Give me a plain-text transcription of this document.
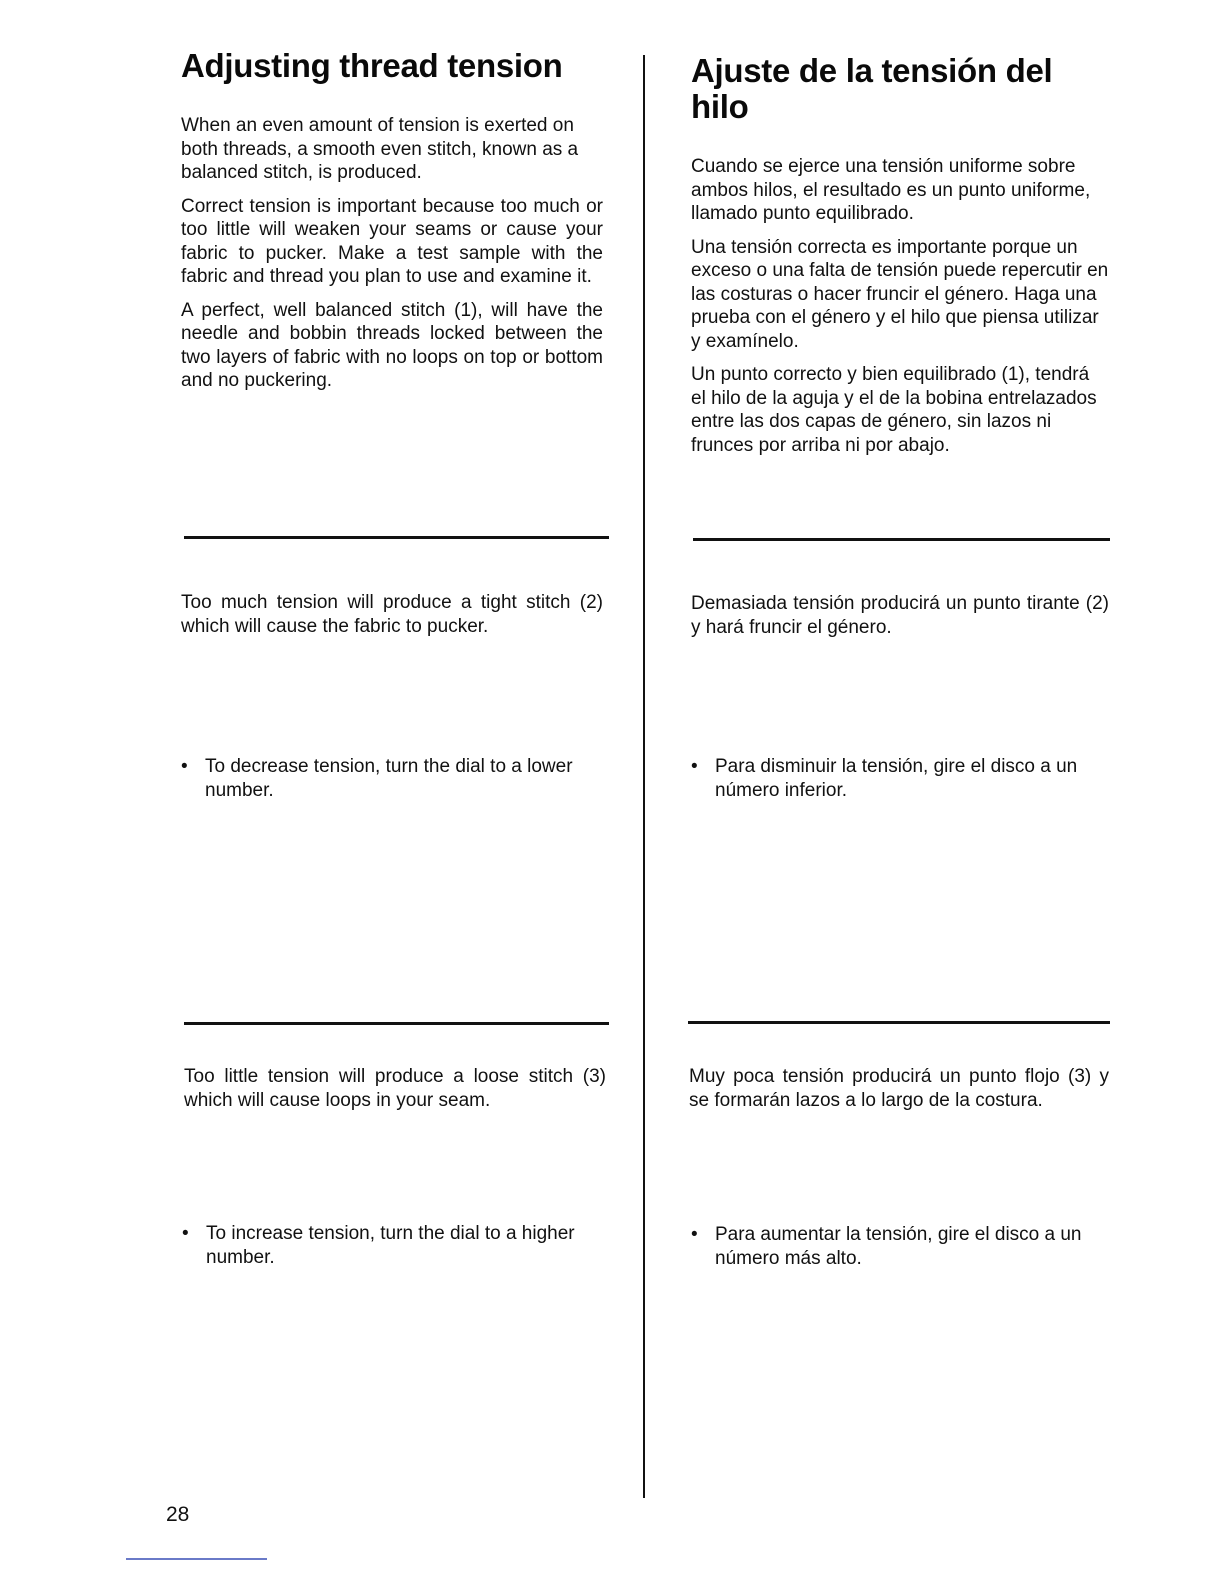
Adjusting thread tension

When an even amount of tension is exerted on both threads, a smooth even stitch, known as a balanced stitch, is produced.

Correct tension is important because too much or too little will weaken your seams or cause your fabric to pucker. Make a test sample with the fabric and thread you plan to use and examine it.

A perfect, well balanced stitch (1), will have the needle and bobbin threads locked between the two layers of fabric with no loops on top or bottom and no puckering.

Too much tension will produce a tight stitch (2) which will cause the fabric to pucker.

• To decrease tension, turn the dial to a lower number.

Too little tension will produce a loose stitch (3) which will cause loops in your seam.

• To increase tension, turn the dial to a higher number.
Ajuste de la tensión del hilo

Cuando se ejerce una tensión uniforme sobre ambos hilos, el resultado es un punto uniforme, llamado punto equilibrado.

Una tensión correcta es importante porque un exceso o una falta de tensión puede repercutir en las costuras o hacer fruncir el género. Haga una prueba con el género y el hilo que piensa utilizar y examínelo.

Un punto correcto y bien equilibrado (1), tendrá el hilo de la aguja y el de la bobina entrelazados entre las dos capas de género, sin lazos ni frunces por arriba ni por abajo.

Demasiada tensión producirá un punto tirante (2) y hará fruncir el género.

• Para disminuir la tensión, gire el disco a un número inferior.

Muy poca tensión producirá un punto flojo (3) y se formarán lazos a lo largo de la costura.

• Para aumentar la tensión, gire el disco a un número más alto.
28
